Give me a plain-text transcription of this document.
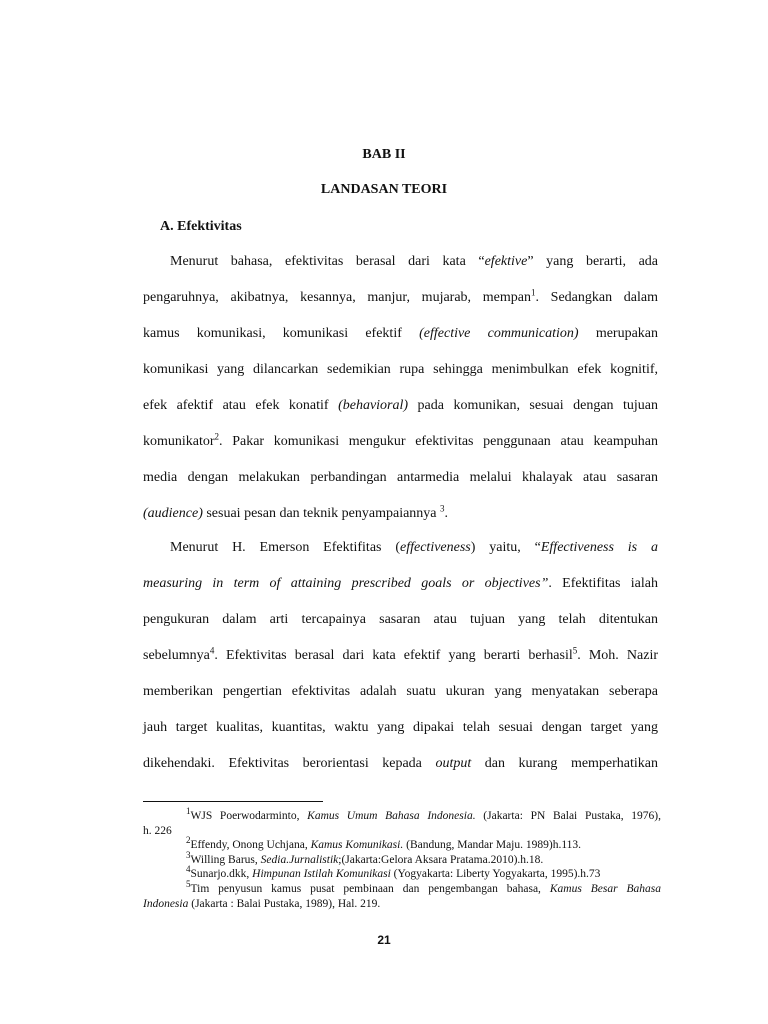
BAB II
LANDASAN TEORI
A. Efektivitas
Menurut bahasa, efektivitas berasal dari kata “efektive” yang berarti, ada
pengaruhnya, akibatnya, kesannya, manjur, mujarab, mempan$^1$. Sedangkan dalam
kamus komunikasi, komunikasi efektif (effective communication) merupakan
komunikasi yang dilancarkan sedemikian rupa sehingga menimbulkan efek kognitif,
efek afektif atau efek konatif (behavioral) pada komunikan, sesuai dengan tujuan
komunikator$^2$. Pakar komunikasi mengukur efektivitas penggunaan atau keampuhan
media dengan melakukan perbandingan antarmedia melalui khalayak atau sasaran
(audience) sesuai pesan dan teknik penyampaiannya $^3$.
Menurut H. Emerson Efektifitas (effectiveness) yaitu, “Effectiveness is a
measuring in term of attaining prescribed goals or objectives”. Efektifitas ialah
pengukuran dalam arti tercapainya sasaran atau tujuan yang telah ditentukan
sebelumnya$^4$. Efektivitas berasal dari kata efektif yang berarti berhasil$^5$. Moh. Nazir
memberikan pengertian efektivitas adalah suatu ukuran yang menyatakan seberapa
jauh target kualitas, kuantitas, waktu yang dipakai telah sesuai dengan target yang
dikehendaki. Efektivitas berorientasi kepada output dan kurang memperhatikan
$^1$WJS Poerwodarminto, Kamus Umum Bahasa Indonesia. (Jakarta: PN Balai Pustaka, 1976),
h. 226
$^2$Effendy, Onong Uchjana, Kamus Komunikasi. (Bandung, Mandar Maju. 1989)h.113.
$^3$Willing Barus, Sedia.Jurnalistik;(Jakarta:Gelora Aksara Pratama.2010).h.18.
$^4$Sunarjo.dkk, Himpunan Istilah Komunikasi (Yogyakarta: Liberty Yogyakarta, 1995).h.73
$^5$Tim penyusun kamus pusat pembinaan dan pengembangan bahasa, Kamus Besar Bahasa
Indonesia (Jakarta : Balai Pustaka, 1989), Hal. 219.
21
